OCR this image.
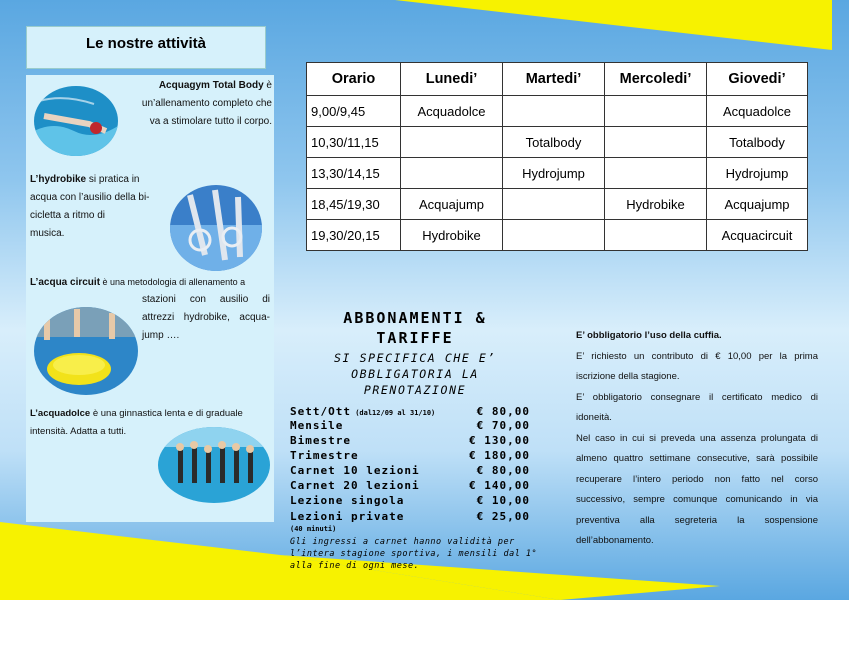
Le nostre attività
Acquagym Total Body è
un’allenamento completo che
va a stimolare tutto il corpo.
L’hydrobike si pratica in
acqua con l’ausilio della bi-
cicletta a ritmo di
musica.
L’acqua circuit è una metodologia di allenamento a
stazioni con ausilio di
attrezzi hydrobike, acqua-
jump ….
L’acquadolce è una ginnastica lenta e di graduale
intensità. Adatta a tutti.
Orario	Lunedi’	Martedi’	Mercoledi’	Giovedi’
9,00/9,45	Acquadolce			Acquadolce
10,30/11,15		Totalbody		Totalbody
13,30/14,15		Hydrojump		Hydrojump
18,45/19,30	Acquajump		Hydrobike	Acquajump
19,30/20,15	Hydrobike			Acquacircuit
ABBONAMENTI &
TARIFFE
SI SPECIFICA CHE E’
OBBLIGATORIA LA
PRENOTAZIONE
Sett/Ott (dal12/09 al 31/10)	€ 80,00
Mensile	€ 70,00
Bimestre	€ 130,00
Trimestre	€ 180,00
Carnet 10 lezioni	€ 80,00
Carnet 20 lezioni	€ 140,00
Lezione singola	€ 10,00
Lezioni private	€ 25,00
(40 minuti)
Gli ingressi a carnet hanno validità per l’intera stagione sportiva, i mensili dal 1° alla fine di ogni mese.

E’ obbligatorio l’uso della cuffia.

E’ richiesto un contributo di € 10,00 per la prima iscrizione della stagione.

E’ obbligatorio consegnare il certificato medico di idoneità.

Nel caso in cui si preveda una assenza prolungata di almeno quattro settimane consecutive, sarà possibile recuperare l’intero periodo non fatto nel corso successivo, sempre comunque comunicando in via preventiva alla segreteria la sospensione dell’abbonamento.
